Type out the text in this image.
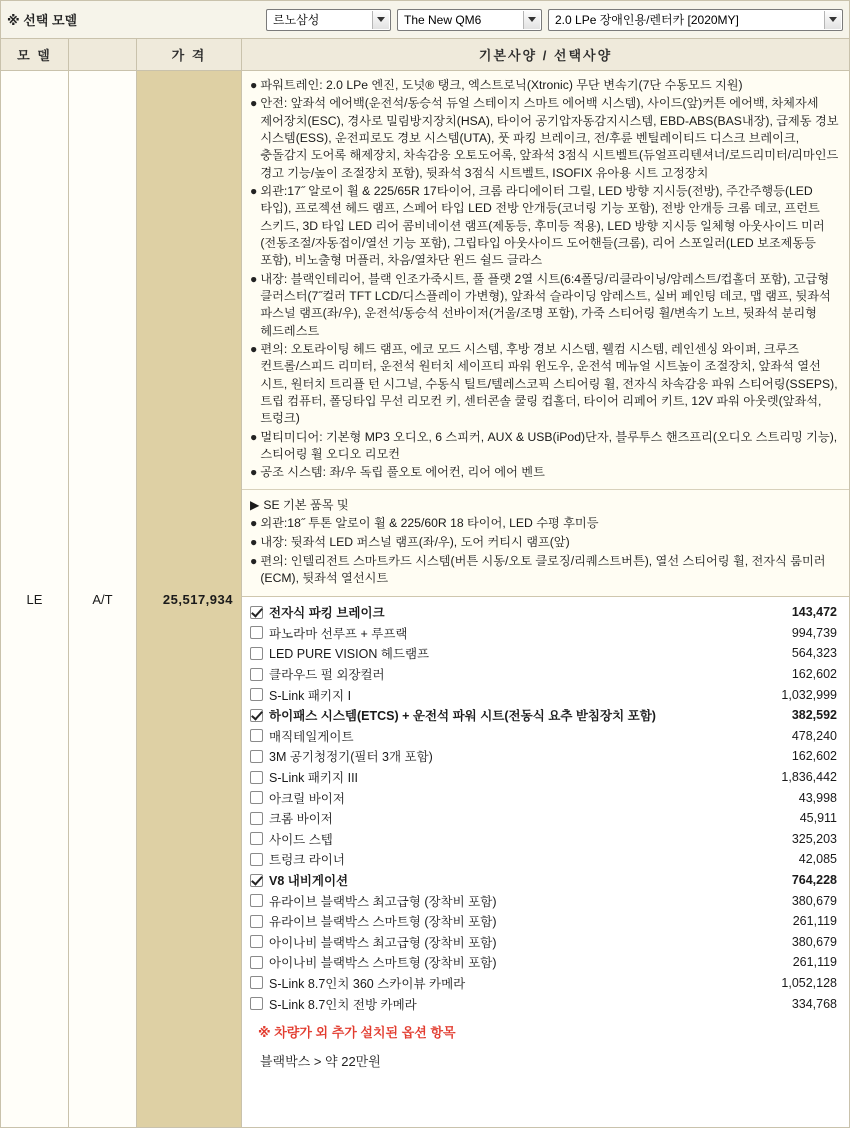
※ 선택 모델	르노삼성	The New QM6	2.0 LPe 장애인용/렌터카 [2020MY]
모 델	가 격	기본사양 / 선택사양
LE	A/T	25,517,934
● 파워트레인: 2.0 LPe 엔진, 도넛® 탱크, 엑스트로닉(Xtronic) 무단 변속기(7단 수동모드 지원)
● 안전: 앞좌석 에어백(운전석/동승석 듀얼 스테이지 스마트 에어백 시스템), 사이드(앞)커튼 에어백, 차체자세 제어장치(ESC), 경사로 밀림방지장치(HSA), 타이어 공기압자동감지시스템, EBD-ABS(BAS내장), 급제동 경보 시스템(ESS), 운전피로도 경보 시스템(UTA), 풋 파킹 브레이크, 전/후륜 벤틸레이티드 디스크 브레이크, 충돌감지 도어록 해제장치, 차속감응 오토도어록, 앞좌석 3점식 시트벨트(듀얼프리텐셔너/로드리미터/리마인드 경고 기능/높이 조절장치 포함), 뒷좌석 3점식 시트벨트, ISOFIX 유아용 시트 고정장치
● 외관:17˝ 알로이 휠 & 225/65R 17타이어, 크롬 라디에이터 그릴, LED 방향 지시등(전방), 주간주행등(LED 타입), 프로젝션 헤드 램프, 스페어 타입 LED 전방 안개등(코너링 기능 포함), 전방 안개등 크롬 데코, 프런트 스키드, 3D 타입 LED 리어 콤비네이션 램프(제동등, 후미등 적용), LED 방향 지시등 일체형 아웃사이드 미러(전동조절/자동접이/열선 기능 포함), 그립타입 아웃사이드 도어핸들(크롬), 리어 스포일러(LED 보조제동등 포함), 비노출형 머플러, 차음/열차단 윈드 쉴드 글라스
● 내장: 블랙인테리어, 블랙 인조가죽시트, 풀 플랫 2열 시트(6:4폴딩/리클라이닝/암레스트/컵홀더 포함), 고급형 클러스터(7˝컬러 TFT LCD/디스플레이 가변형), 앞좌석 슬라이딩 암레스트, 실버 페인팅 데코, 맵 램프, 뒷좌석 파스널 램프(좌/우), 운전석/동승석 선바이저(거울/조명 포함), 가죽 스티어링 휠/변속기 노브, 뒷좌석 분리형 헤드레스트
● 편의: 오토라이팅 헤드 램프, 에코 모드 시스템, 후방 경보 시스템, 웰컴 시스템, 레인센싱 와이퍼, 크루즈 컨트롤/스피드 리미터, 운전석 원터치 세이프티 파워 윈도우, 운전석 메뉴얼 시트높이 조절장치, 앞좌석 열선 시트, 원터치 트리플 턴 시그널, 수동식 틸트/텔레스코픽 스티어링 휠, 전자식 차속감응 파워 스티어링(SSEPS), 트립 컴퓨터, 폴딩타입 무선 리모컨 키, 센터콘솔 쿨링 컵홀더, 타이어 리페어 키트, 12V 파워 아웃렛(앞좌석, 트렁크)
● 멀티미디어: 기본형 MP3 오디오, 6 스피커, AUX & USB(iPod)단자, 블루투스 핸즈프리(오디오 스트리밍 기능), 스티어링 휠 오디오 리모컨
● 공조 시스템: 좌/우 독립 풀오토 에어컨, 리어 에어 벤트
▶ SE 기본 품목 및
● 외관:18˝ 투톤 알로이 휠 & 225/60R 18 타이어, LED 수평 후미등
● 내장: 뒷좌석 LED 퍼스널 램프(좌/우), 도어 커티시 램프(앞)
● 편의: 인텔리전트 스마트카드 시스템(버튼 시동/오토 클로징/리퀘스트버튼), 열선 스티어링 휠, 전자식 룸미러(ECM), 뒷좌석 열선시트
전자식 파킹 브레이크	143,472
파노라마 선루프 + 루프랙	994,739
LED PURE VISION 헤드램프	564,323
클라우드 펄 외장컬러	162,602
S-Link 패키지 I	1,032,999
하이패스 시스템(ETCS) + 운전석 파워 시트(전동식 요추 받침장치 포함)	382,592
매직테일게이트	478,240
3M 공기청정기(필터 3개 포함)	162,602
S-Link 패키지 III	1,836,442
아크릴 바이저	43,998
크롬 바이저	45,911
사이드 스텝	325,203
트렁크 라이너	42,085
V8 내비게이션	764,228
유라이브 블랙박스 최고급형 (장착비 포함)	380,679
유라이브 블랙박스 스마트형 (장착비 포함)	261,119
아이나비 블랙박스 최고급형 (장착비 포함)	380,679
아이나비 블랙박스 스마트형 (장착비 포함)	261,119
S-Link 8.7인치 360 스카이뷰 카메라	1,052,128
S-Link 8.7인치 전방 카메라	334,768
※ 차량가 외 추가 설치된 옵션 항목
블랙박스 > 약 22만원
